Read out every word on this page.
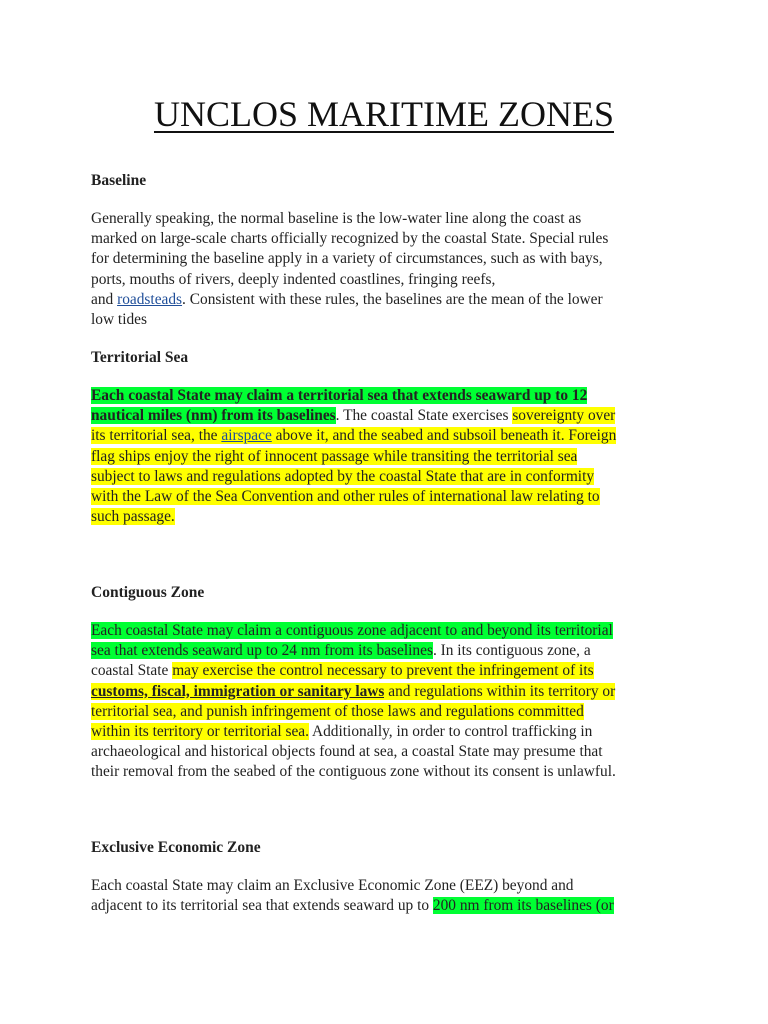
UNCLOS MARITIME ZONES

Baseline

Generally speaking, the normal baseline is the low-water line along the coast as
marked on large-scale charts officially recognized by the coastal State. Special rules
for determining the baseline apply in a variety of circumstances, such as with bays,
ports, mouths of rivers, deeply indented coastlines, fringing reefs,
and roadsteads. Consistent with these rules, the baselines are the mean of the lower
low tides

Territorial Sea

Each coastal State may claim a territorial sea that extends seaward up to 12
nautical miles (nm) from its baselines. The coastal State exercises sovereignty over
its territorial sea, the airspace above it, and the seabed and subsoil beneath it. Foreign
flag ships enjoy the right of innocent passage while transiting the territorial sea
subject to laws and regulations adopted by the coastal State that are in conformity
with the Law of the Sea Convention and other rules of international law relating to
such passage.

Contiguous Zone

Each coastal State may claim a contiguous zone adjacent to and beyond its territorial
sea that extends seaward up to 24 nm from its baselines. In its contiguous zone, a
coastal State may exercise the control necessary to prevent the infringement of its
customs, fiscal, immigration or sanitary laws and regulations within its territory or
territorial sea, and punish infringement of those laws and regulations committed
within its territory or territorial sea. Additionally, in order to control trafficking in
archaeological and historical objects found at sea, a coastal State may presume that
their removal from the seabed of the contiguous zone without its consent is unlawful.

Exclusive Economic Zone

Each coastal State may claim an Exclusive Economic Zone (EEZ) beyond and
adjacent to its territorial sea that extends seaward up to 200 nm from its baselines (or
